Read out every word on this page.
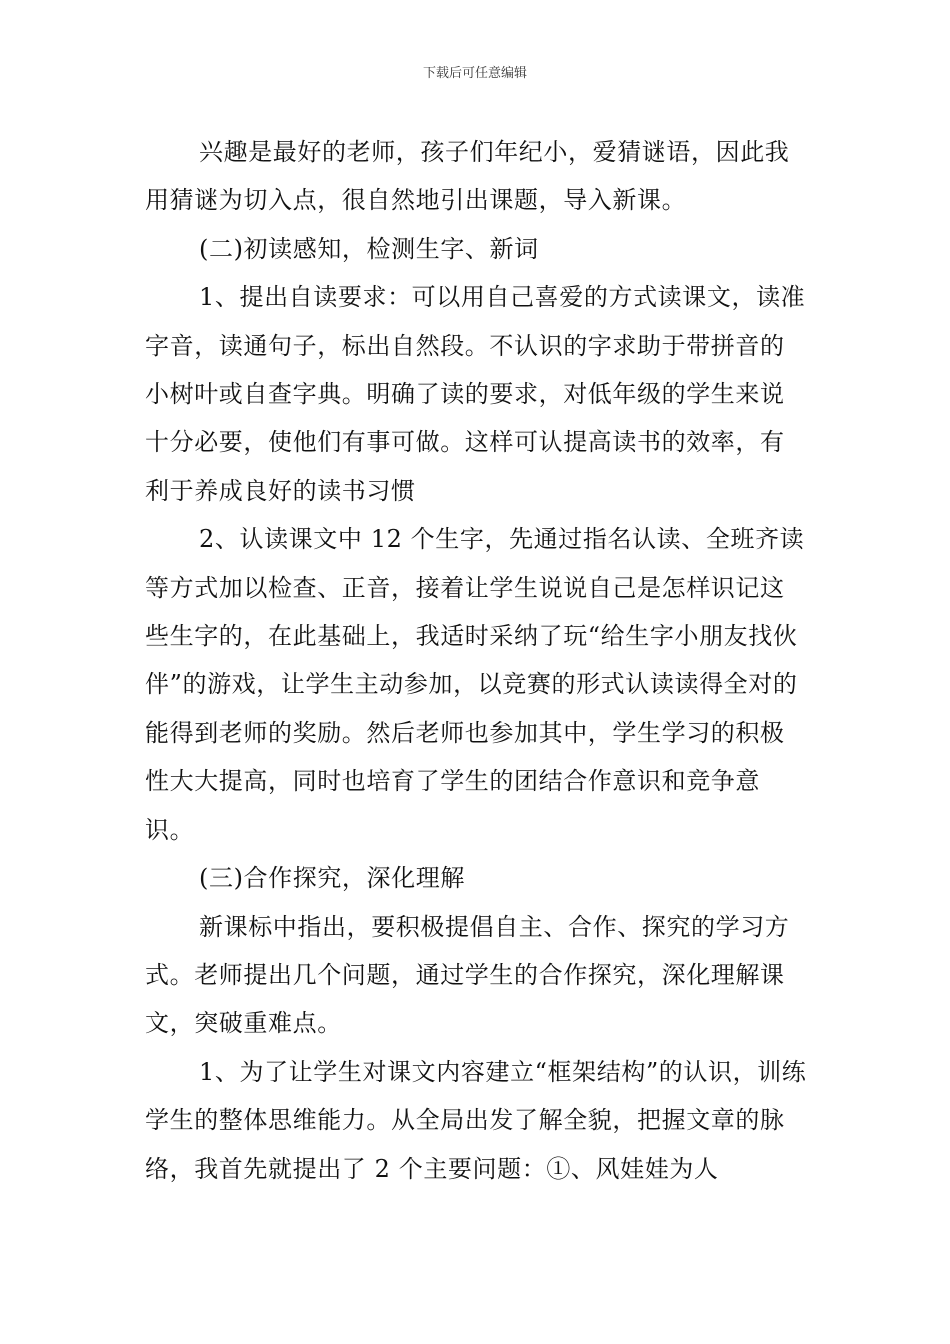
下载后可任意编辑

兴趣是最好的老师，孩子们年纪小，爱猜谜语，因此我用猜谜为切入点，很自然地引出课题，导入新课。

(二)初读感知，检测生字、新词

1、提出自读要求：可以用自己喜爱的方式读课文，读准字音，读通句子，标出自然段。不认识的字求助于带拼音的小树叶或自查字典。明确了读的要求，对低年级的学生来说十分必要，使他们有事可做。这样可认提高读书的效率，有利于养成良好的读书习惯

2、认读课文中 12 个生字，先通过指名认读、全班齐读等方式加以检查、正音，接着让学生说说自己是怎样识记这些生字的，在此基础上，我适时采纳了玩“给生字小朋友找伙伴”的游戏，让学生主动参加，以竞赛的形式认读读得全对的能得到老师的奖励。然后老师也参加其中，学生学习的积极性大大提高，同时也培育了学生的团结合作意识和竞争意识。

(三)合作探究，深化理解

新课标中指出，要积极提倡自主、合作、探究的学习方式。老师提出几个问题，通过学生的合作探究，深化理解课文，突破重难点。

1、为了让学生对课文内容建立“框架结构”的认识，训练学生的整体思维能力。从全局出发了解全貌，把握文章的脉络，我首先就提出了 2 个主要问题：①、风娃娃为人
